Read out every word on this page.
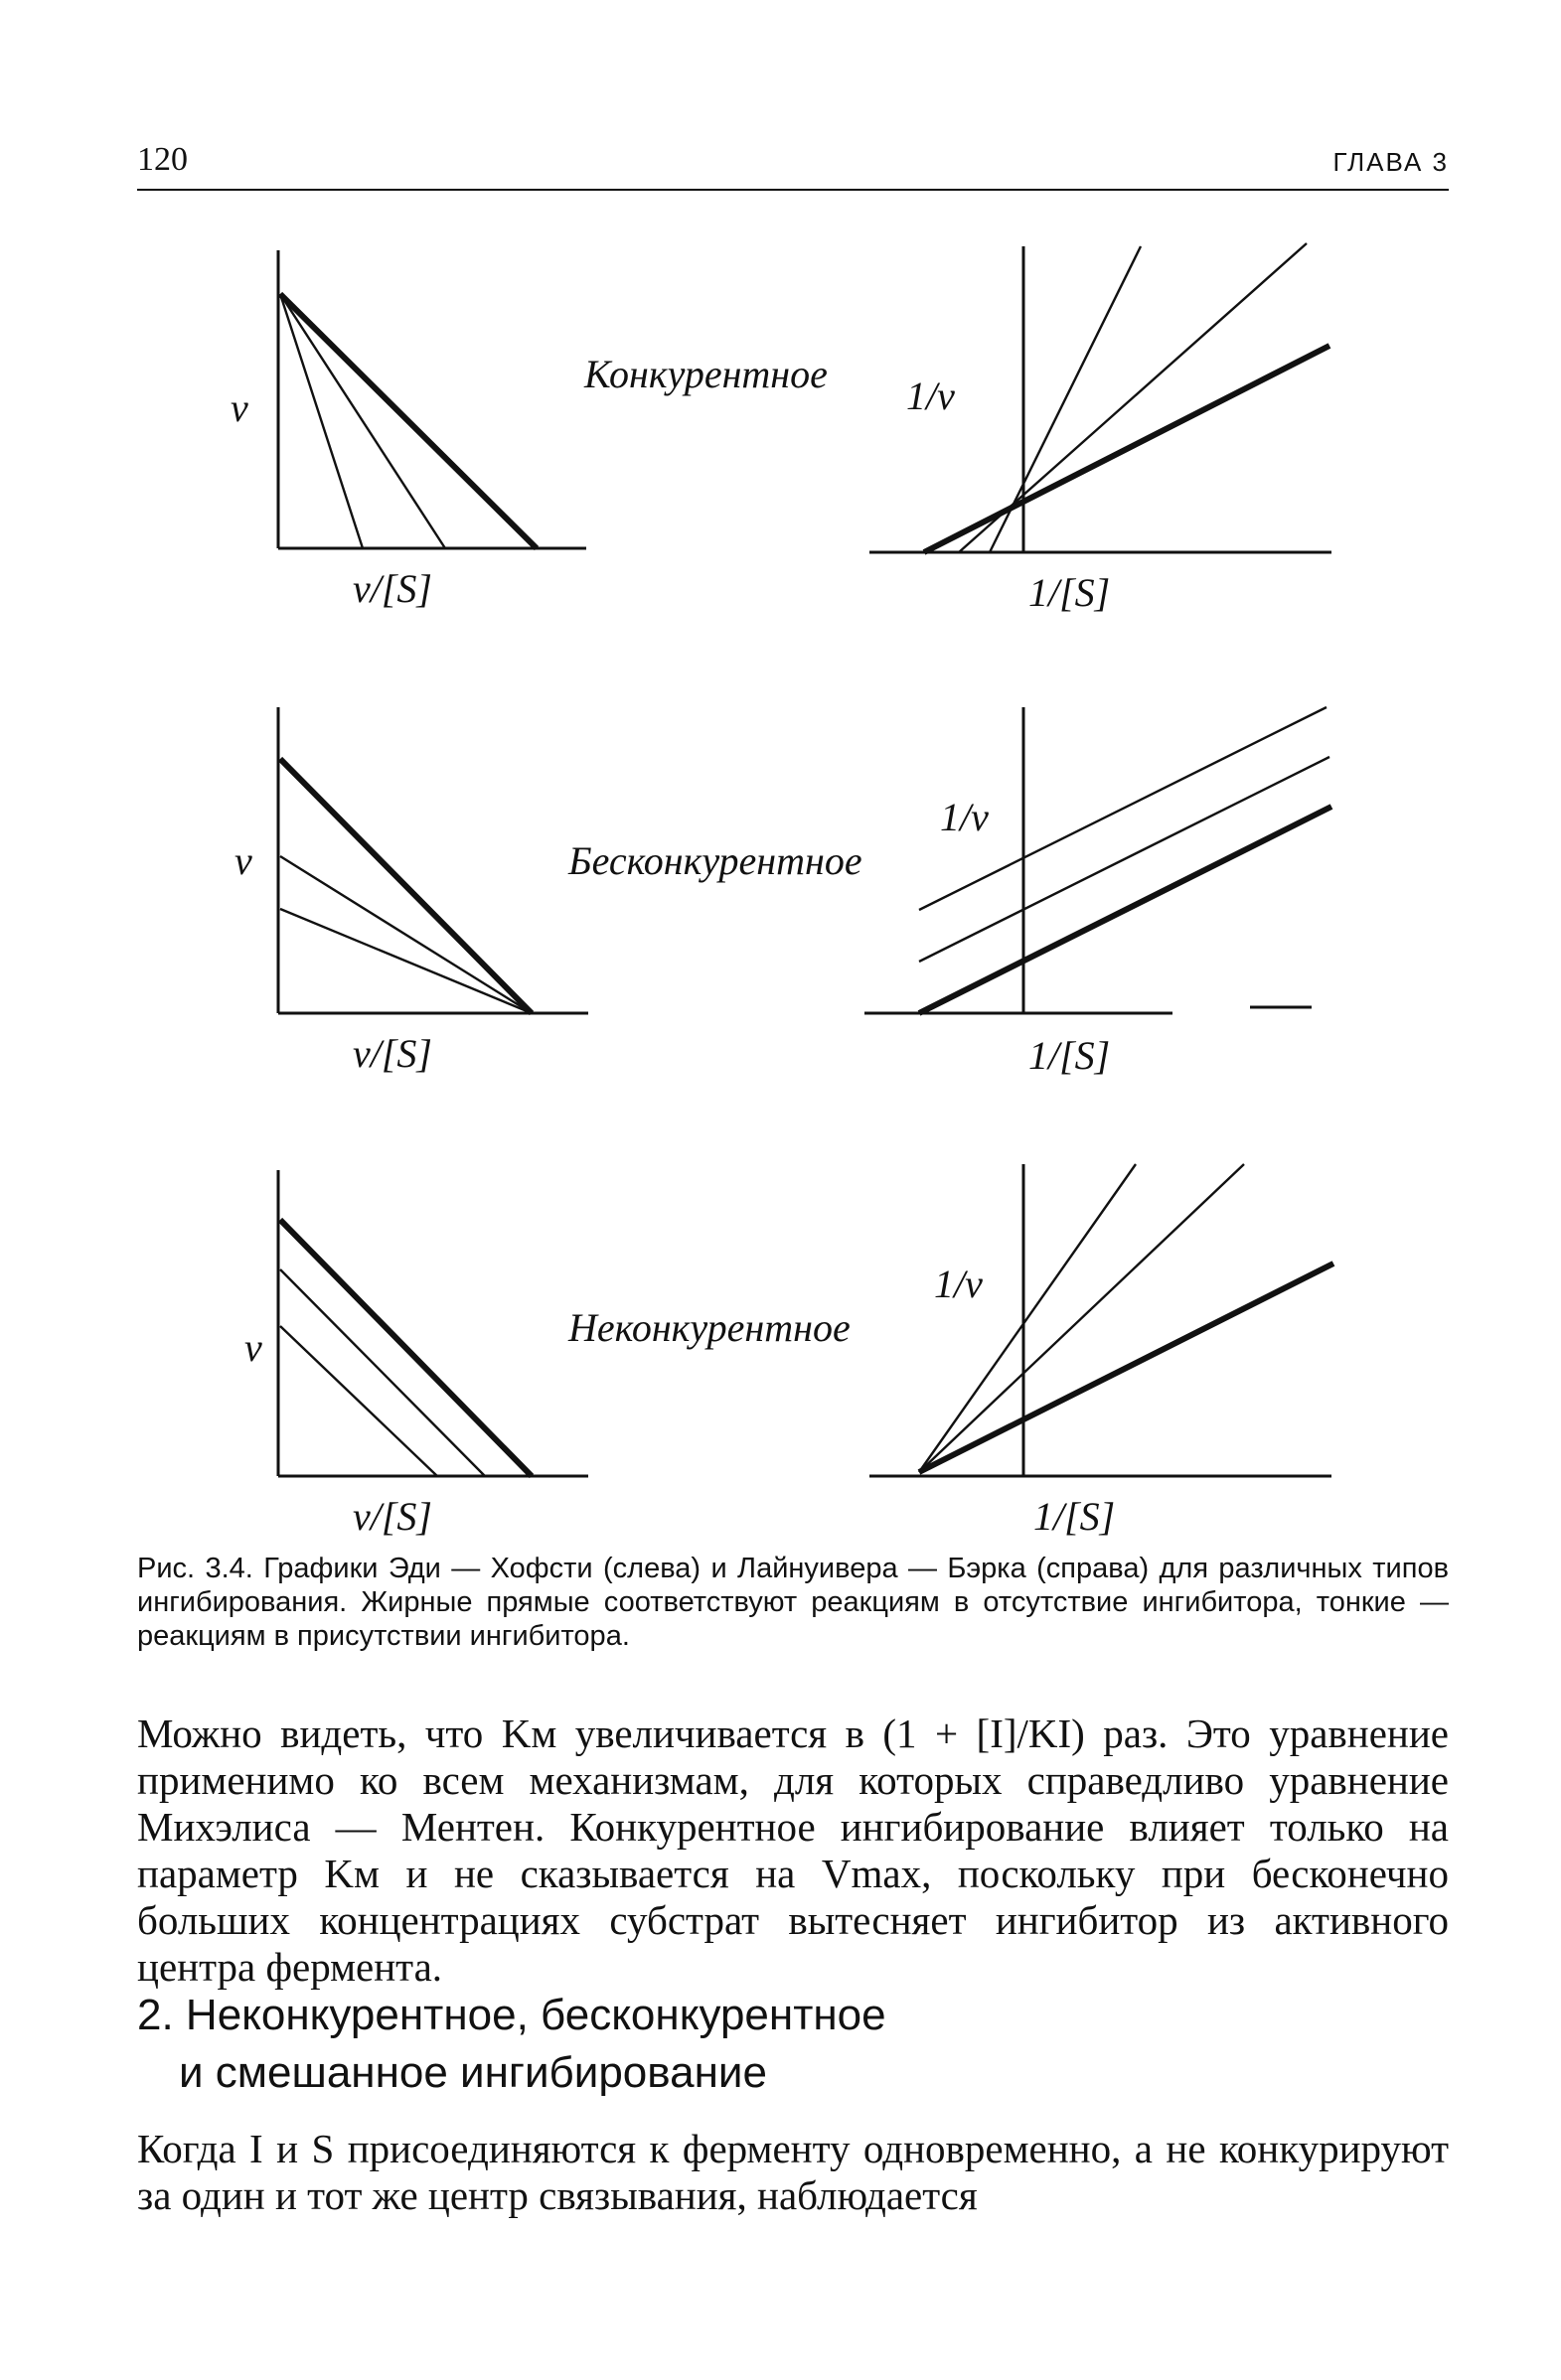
120	ГЛАВА 3
v
v/[S]
Конкурентное 1/v
1/[S]
v
v/[S]
Бесконкурентное
1/v
1/[S]
v
v/[S]
Неконкурентное
1/v
1/[S]
Рис. 3.4. Графики Эди — Хофсти (слева) и Лайнуивера — Бэрка (справа) для различных типов ингибирования. Жирные прямые соответствуют реакциям в отсутствие ингибитора, тонкие — реакциям в присутствии ингибитора.
Можно видеть, что Kм увеличивается в (1 + [I]/KI) раз. Это уравнение применимо ко всем механизмам, для которых справедливо уравнение Михэлиса — Ментен. Конкурентное ингибирование влияет только на параметр Kм и не сказывается на Vmax, поскольку при бесконечно больших концентрациях субстрат вытесняет ингибитор из активного центра фермента.
2. Неконкурентное, бесконкурентное
и смешанное ингибирование
Когда I и S присоединяются к ферменту одновременно, а не конкурируют за один и тот же центр связывания, наблюдается
